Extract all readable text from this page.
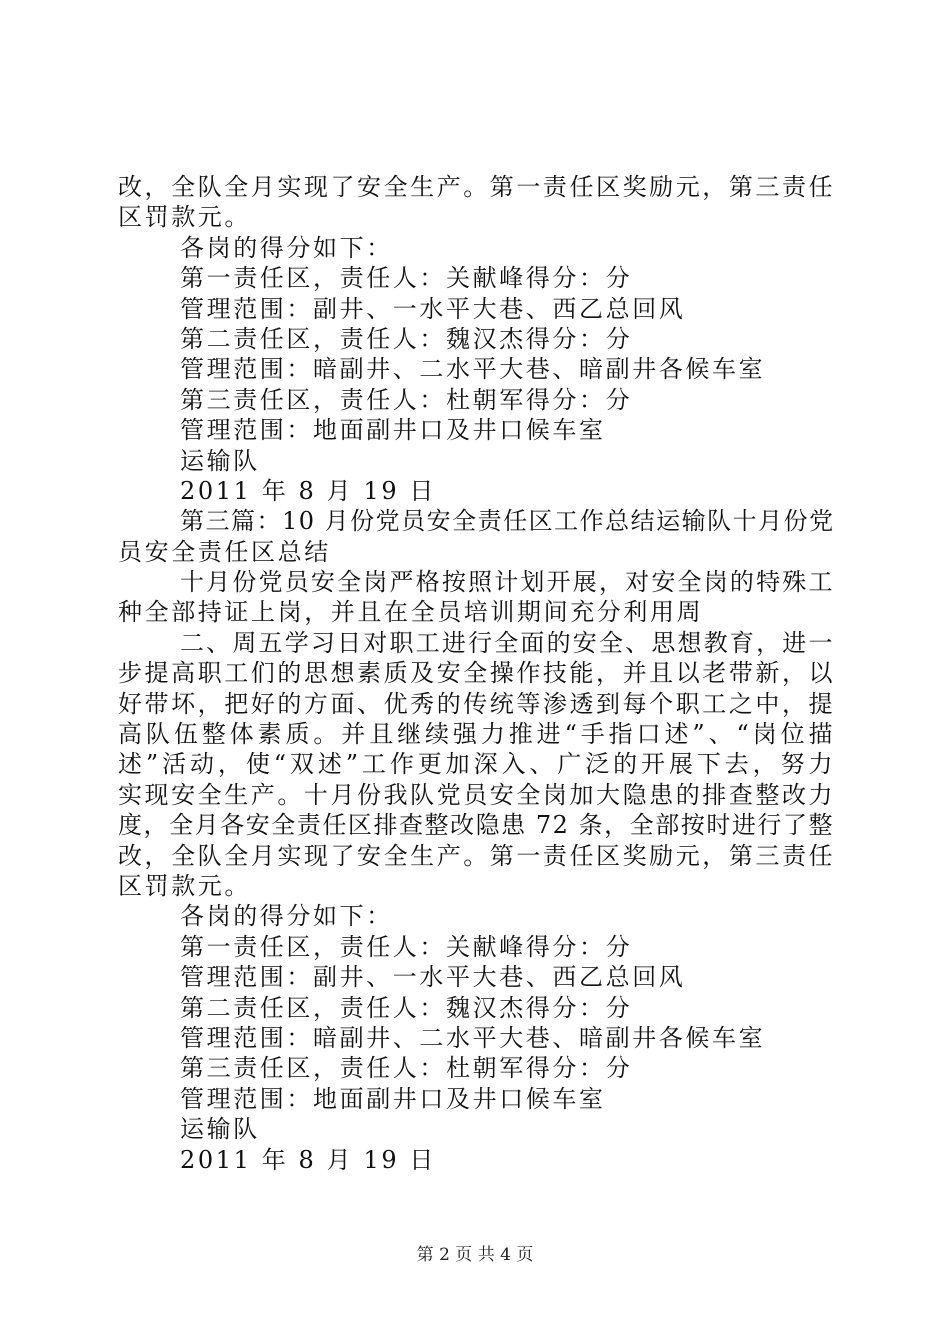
改，全队全月实现了安全生产。第一责任区奖励元，第三责任
区罚款元。
各岗的得分如下：
第一责任区，责任人：关献峰得分：分
管理范围：副井、一水平大巷、西乙总回风
第二责任区，责任人：魏汉杰得分：分
管理范围：暗副井、二水平大巷、暗副井各候车室
第三责任区，责任人：杜朝军得分：分
管理范围：地面副井口及井口候车室
运输队
2011 年 8 月 19 日
第三篇：10 月份党员安全责任区工作总结运输队十月份党
员安全责任区总结
十月份党员安全岗严格按照计划开展，对安全岗的特殊工
种全部持证上岗，并且在全员培训期间充分利用周
二、周五学习日对职工进行全面的安全、思想教育，进一
步提高职工们的思想素质及安全操作技能，并且以老带新，以
好带坏，把好的方面、优秀的传统等渗透到每个职工之中，提
高队伍整体素质。并且继续强力推进“手指口述”、“岗位描
述”活动，使“双述”工作更加深入、广泛的开展下去，努力
实现安全生产。十月份我队党员安全岗加大隐患的排查整改力
度，全月各安全责任区排查整改隐患 72 条，全部按时进行了整
改，全队全月实现了安全生产。第一责任区奖励元，第三责任
区罚款元。
各岗的得分如下：
第一责任区，责任人：关献峰得分：分
管理范围：副井、一水平大巷、西乙总回风
第二责任区，责任人：魏汉杰得分：分
管理范围：暗副井、二水平大巷、暗副井各候车室
第三责任区，责任人：杜朝军得分：分
管理范围：地面副井口及井口候车室
运输队
2011 年 8 月 19 日
第 2 页 共 4 页
